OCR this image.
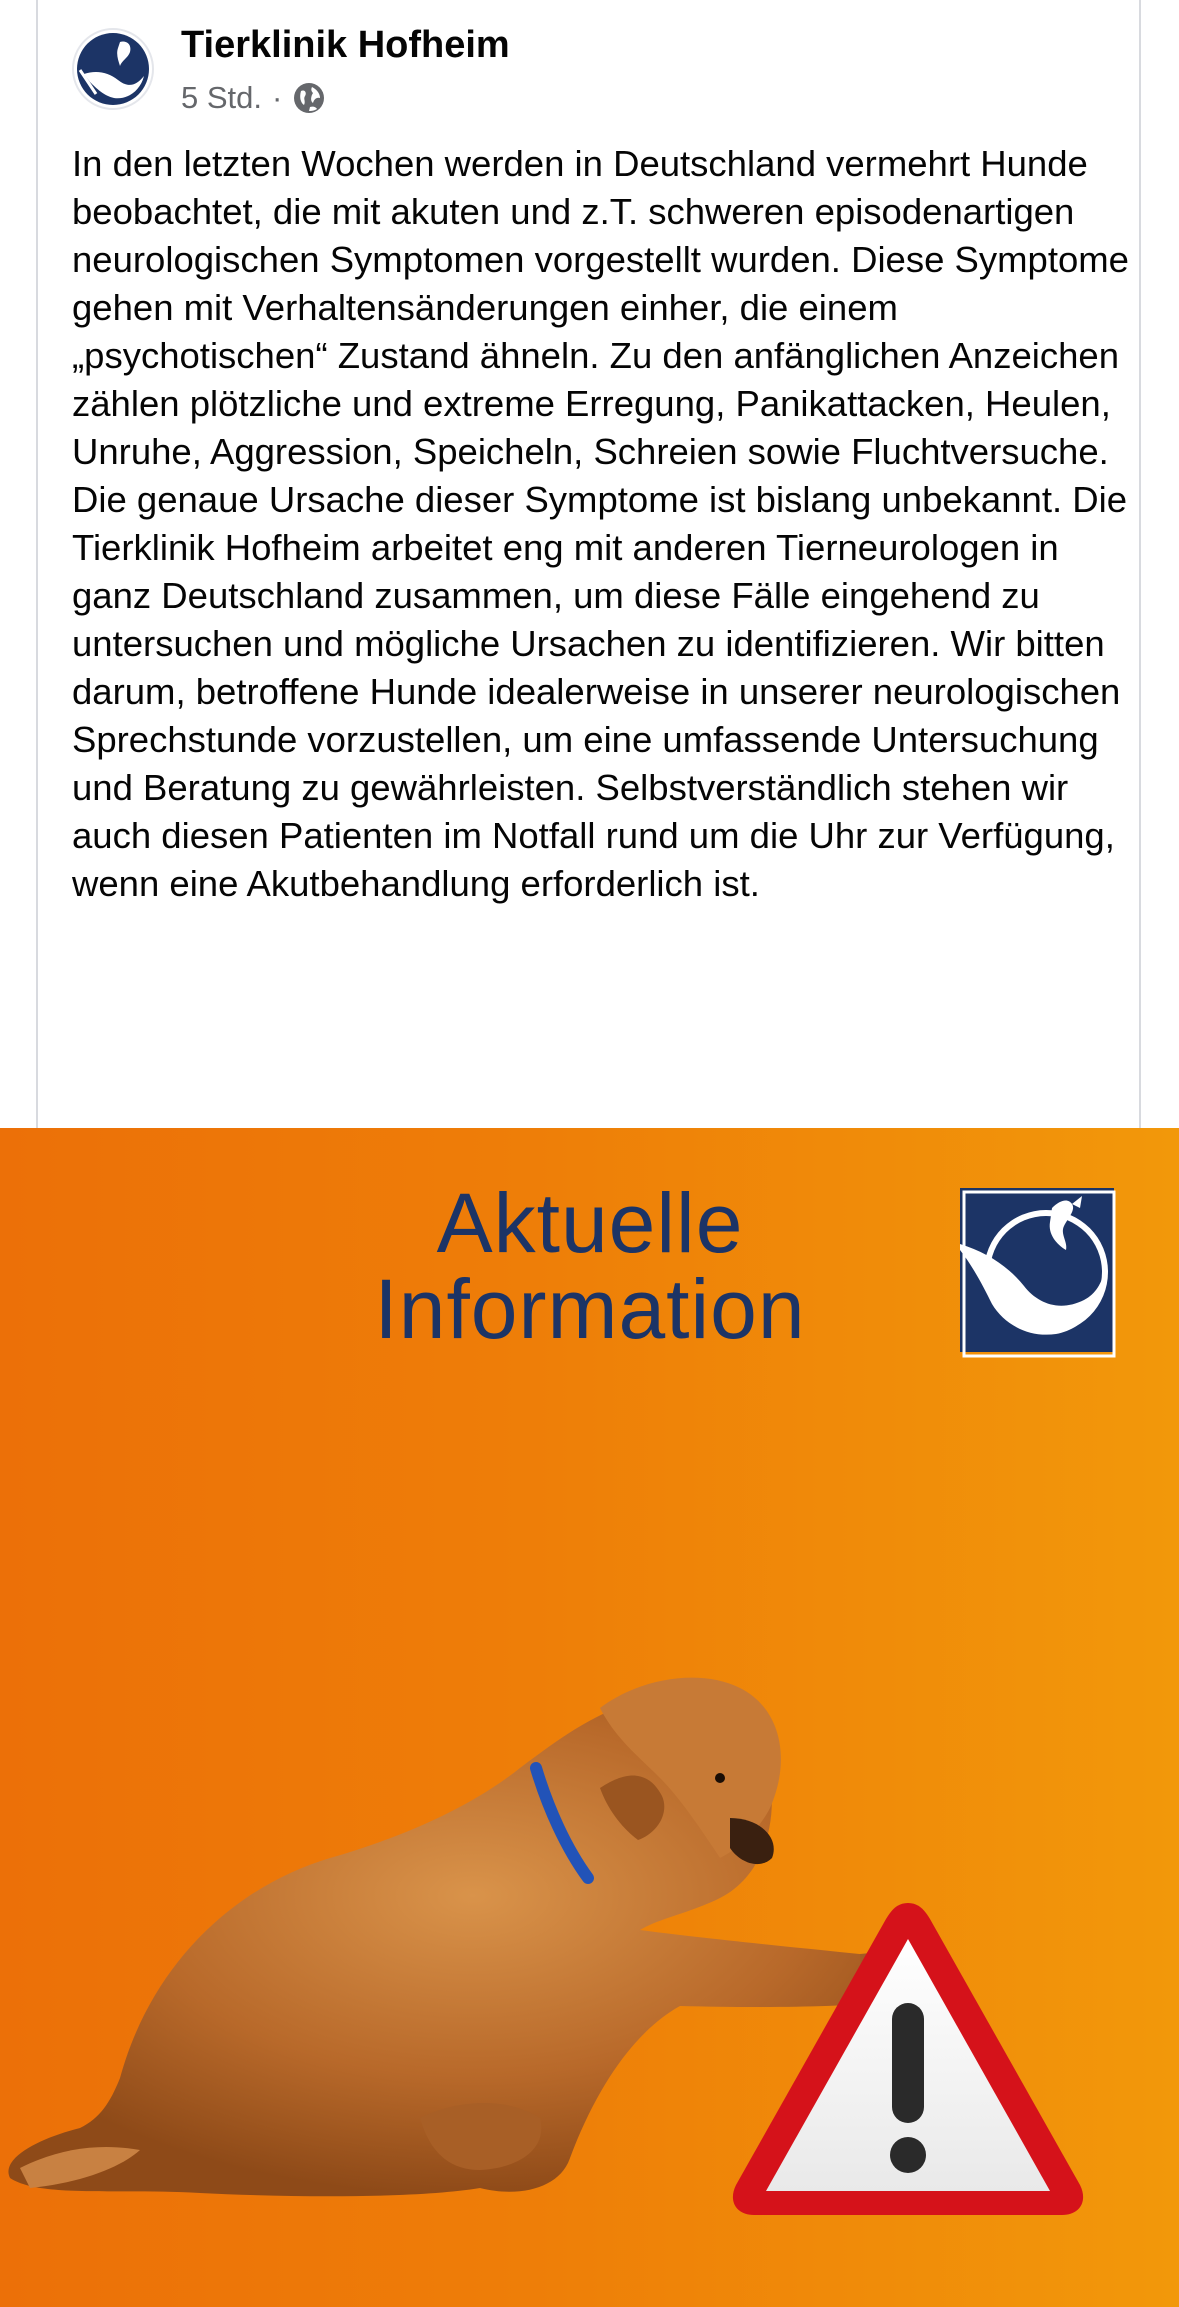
Tierklinik Hofheim
5 Std. ·

In den letzten Wochen werden in Deutschland vermehrt Hunde beobachtet, die mit akuten und z.T. schweren episodenartigen neurologischen Symptomen vorgestellt wurden. Diese Symptome gehen mit Verhaltensänderungen einher, die einem „psychotischen“ Zustand ähneln. Zu den anfänglichen Anzeichen zählen plötzliche und extreme Erregung, Panikattacken, Heulen, Unruhe, Aggression, Speicheln, Schreien sowie Fluchtversuche.

Die genaue Ursache dieser Symptome ist bislang unbekannt. Die Tierklinik Hofheim arbeitet eng mit anderen Tierneurologen in ganz Deutschland zusammen, um diese Fälle eingehend zu untersuchen und mögliche Ursachen zu identifizieren. Wir bitten darum, betroffene Hunde idealerweise in unserer neurologischen Sprechstunde vorzustellen, um eine umfassende Untersuchung und Beratung zu gewährleisten. Selbstverständlich stehen wir auch diesen Patienten im Notfall rund um die Uhr zur Verfügung, wenn eine Akutbehandlung erforderlich ist.

Aktuelle
Information
